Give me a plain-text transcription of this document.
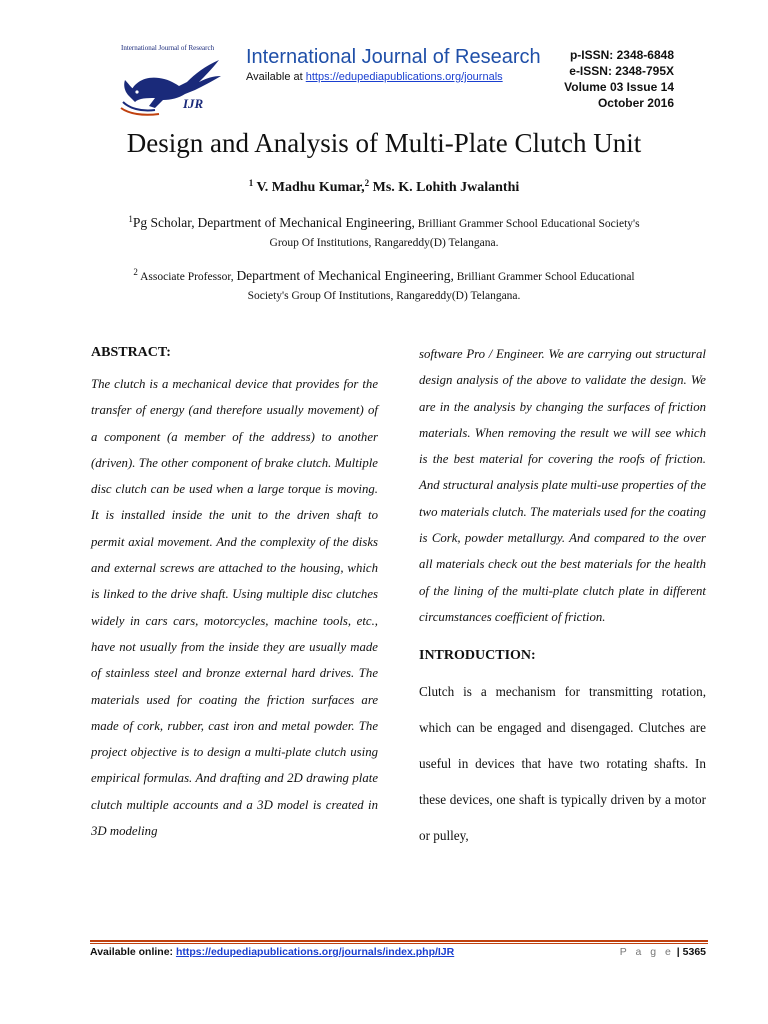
International Journal of Research
IJR
International Journal of Research
Available at https://edupediapublications.org/journals
p-ISSN: 2348-6848
e-ISSN: 2348-795X
Volume 03 Issue 14
October 2016
Design and Analysis of Multi-Plate Clutch Unit
$^1$ V. Madhu Kumar,$^2$ Ms. K. Lohith Jwalanthi
$^1$Pg Scholar, Department of Mechanical Engineering, Brilliant Grammer School Educational Society's
Group Of Institutions, Rangareddy(D) Telangana.
$^2$ Associate Professor, Department of Mechanical Engineering, Brilliant Grammer School Educational
Society's Group Of Institutions, Rangareddy(D) Telangana.
ABSTRACT:

The clutch is a mechanical device that provides for the transfer of energy (and therefore usually movement) of a component (a member of the address) to another (driven). The other component of brake clutch. Multiple disc clutch can be used when a large torque is moving. It is installed inside the unit to the driven shaft to permit axial movement. And the complexity of the disks and external screws are attached to the housing, which is linked to the drive shaft. Using multiple disc clutches widely in cars cars, motorcycles, machine tools, etc., have not usually from the inside they are usually made of stainless steel and bronze external hard drives. The materials used for coating the friction surfaces are made of cork, rubber, cast iron and metal powder. The project objective is to design a multi-plate clutch using empirical formulas. And drafting and 2D drawing plate clutch multiple accounts and a 3D model is created in 3D modeling

software Pro / Engineer. We are carrying out structural design analysis of the above to validate the design. We are in the analysis by changing the surfaces of friction materials. When removing the result we will see which is the best material for covering the roofs of friction. And structural analysis plate multi-use properties of the two materials clutch. The materials used for the coating is Cork, powder metallurgy. And compared to the over all materials check out the best materials for the health of the lining of the multi-plate clutch plate in different circumstances coefficient of friction.

INTRODUCTION:

Clutch is a mechanism for transmitting rotation, which can be engaged and disengaged. Clutches are useful in devices that have two rotating shafts. In these devices, one shaft is typically driven by a motor or pulley,

Available online: https://edupediapublications.org/journals/index.php/IJR	P a g e | 5365
